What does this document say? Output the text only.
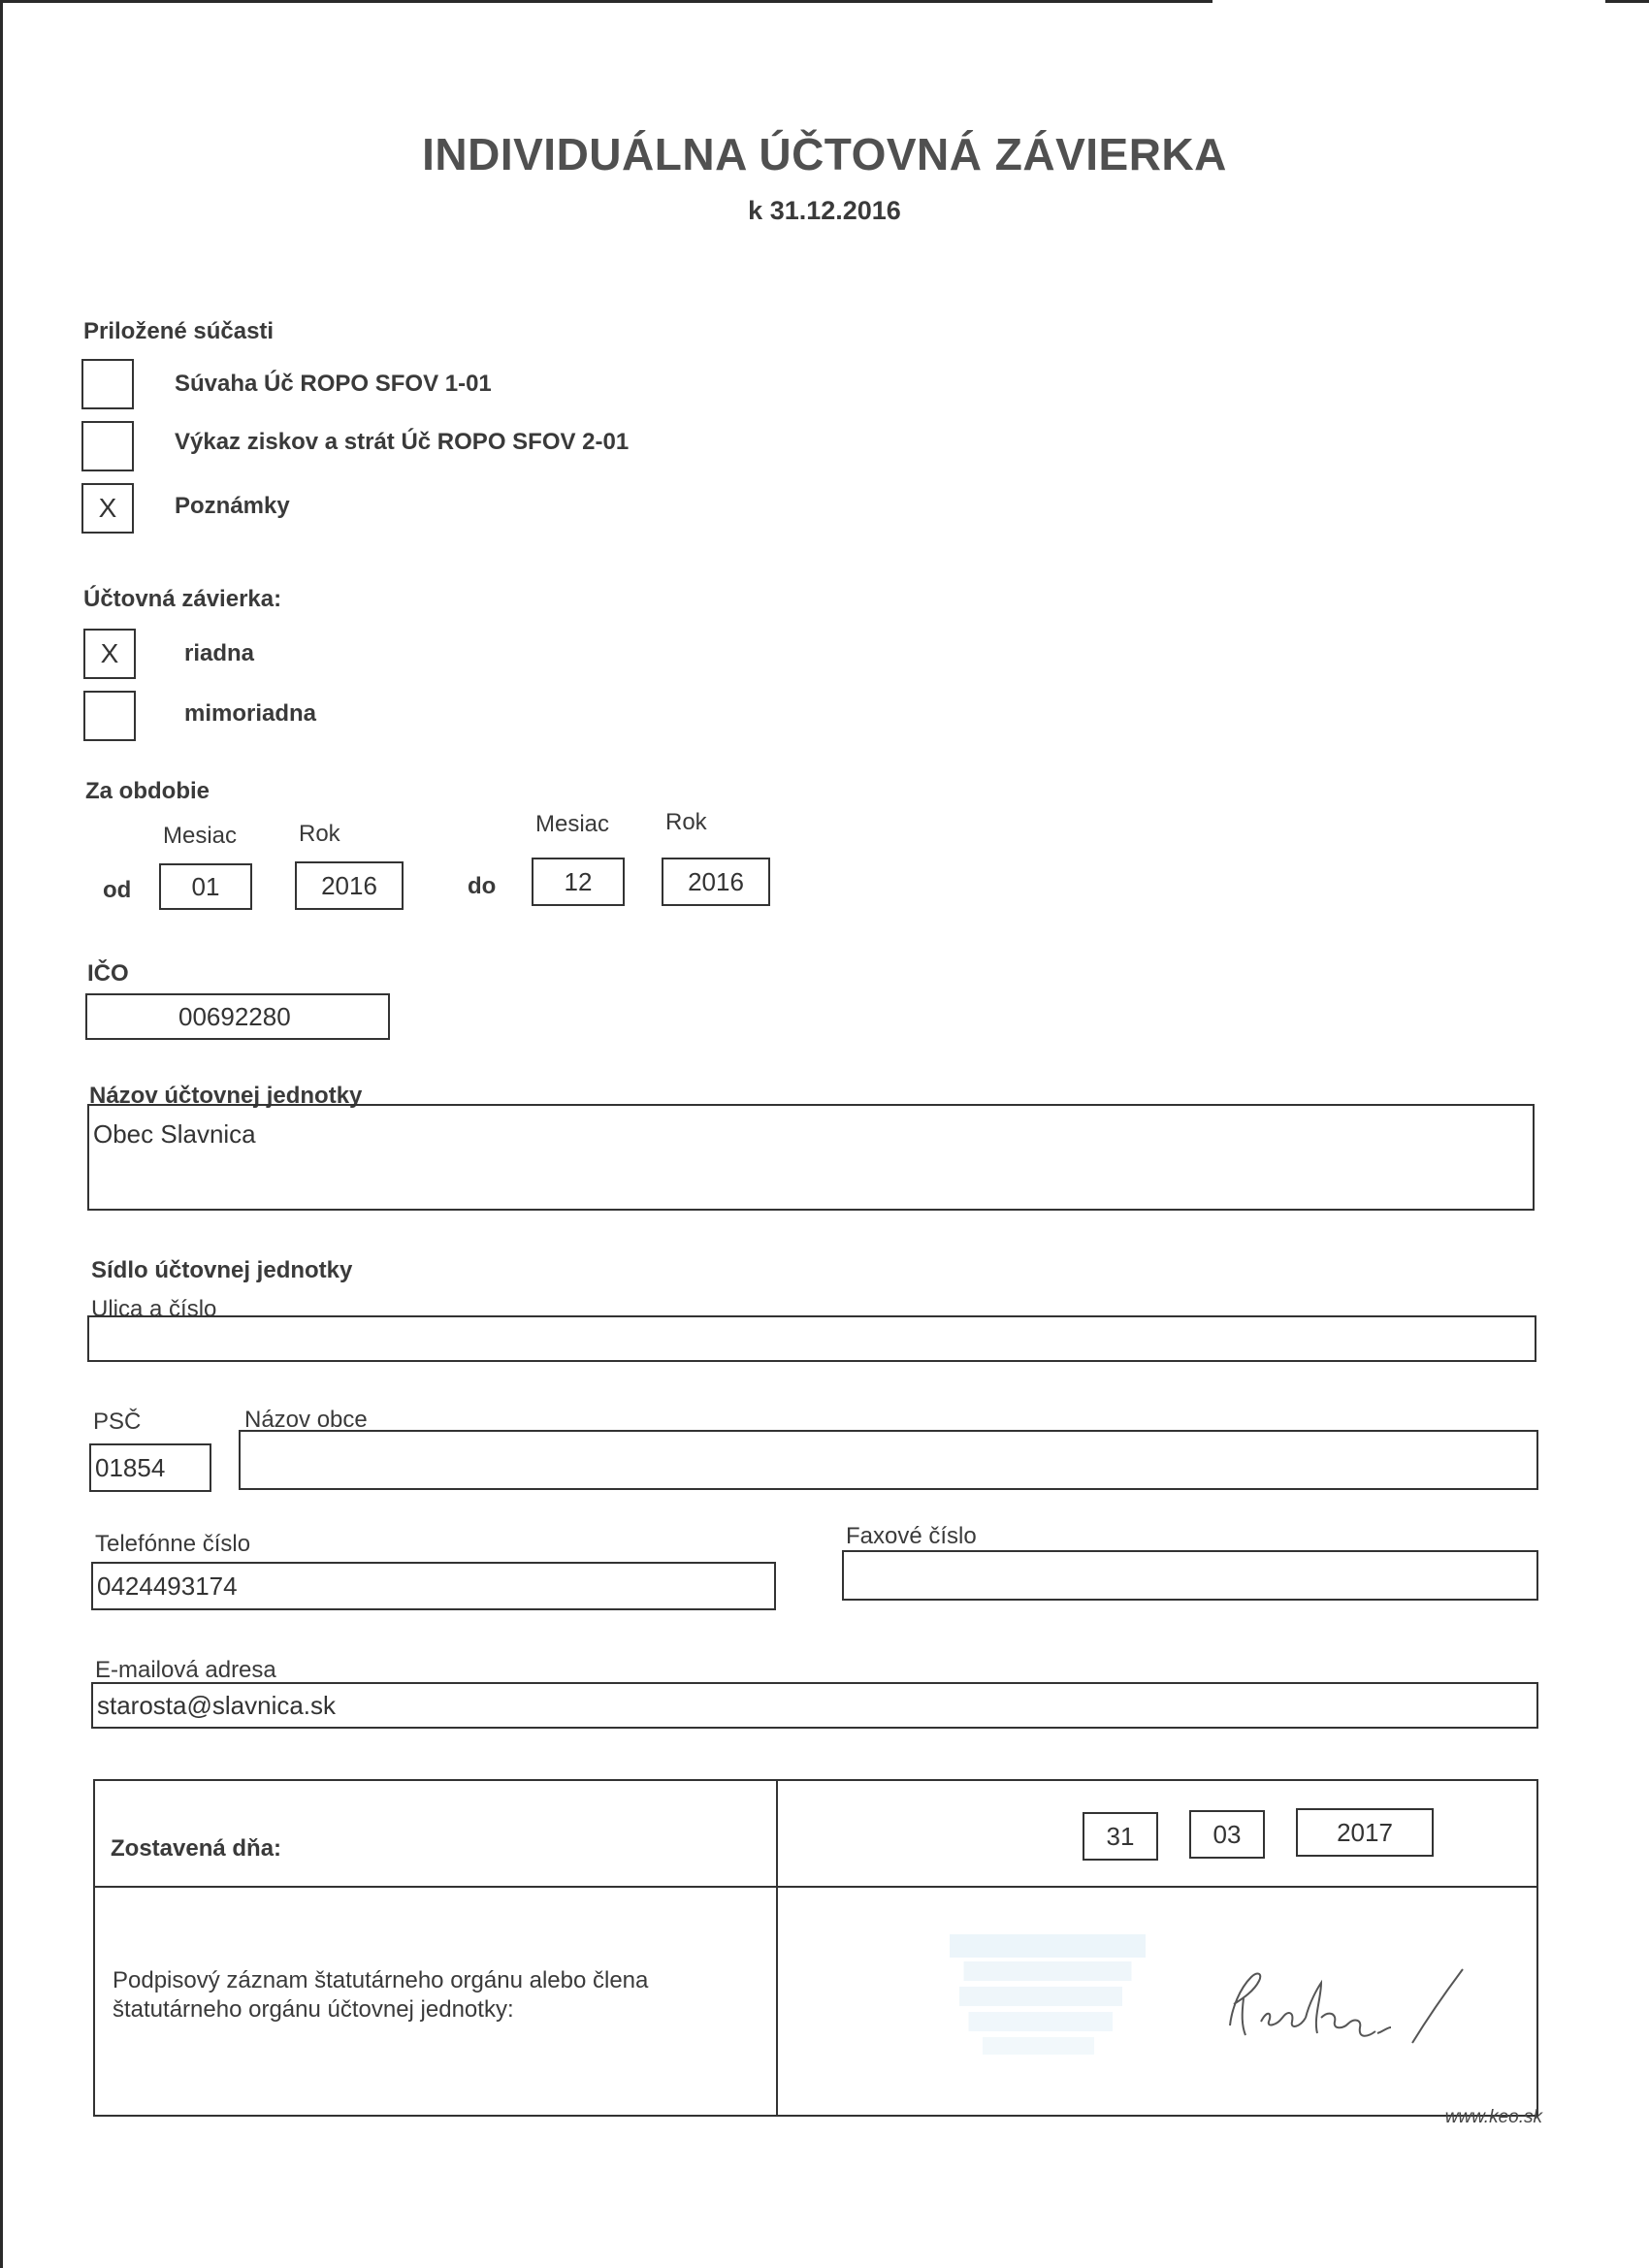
INDIVIDUÁLNA ÚČTOVNÁ ZÁVIERKA
k 31.12.2016
Priložené súčasti
Súvaha Úč ROPO SFOV 1-01
Výkaz ziskov a strát Úč ROPO SFOV 2-01
X	Poznámky
Účtovná závierka:
X	riadna
mimoriadna
Za obdobie
Mesiac	Rok	Mesiac Rok
od	01	2016	do	12	2016
IČO
00692280
Názov účtovnej jednotky
Obec Slavnica
Sídlo účtovnej jednotky
Ulica a číslo
PSČ	Názov obce
01854
Telefónne číslo	Faxové číslo
0424493174
E-mailová adresa
starosta@slavnica.sk
Zostavená dňa:	31	03	2017
Podpisový záznam štatutárneho orgánu alebo člena
štatutárneho orgánu účtovnej jednotky:
www.keo.sk
